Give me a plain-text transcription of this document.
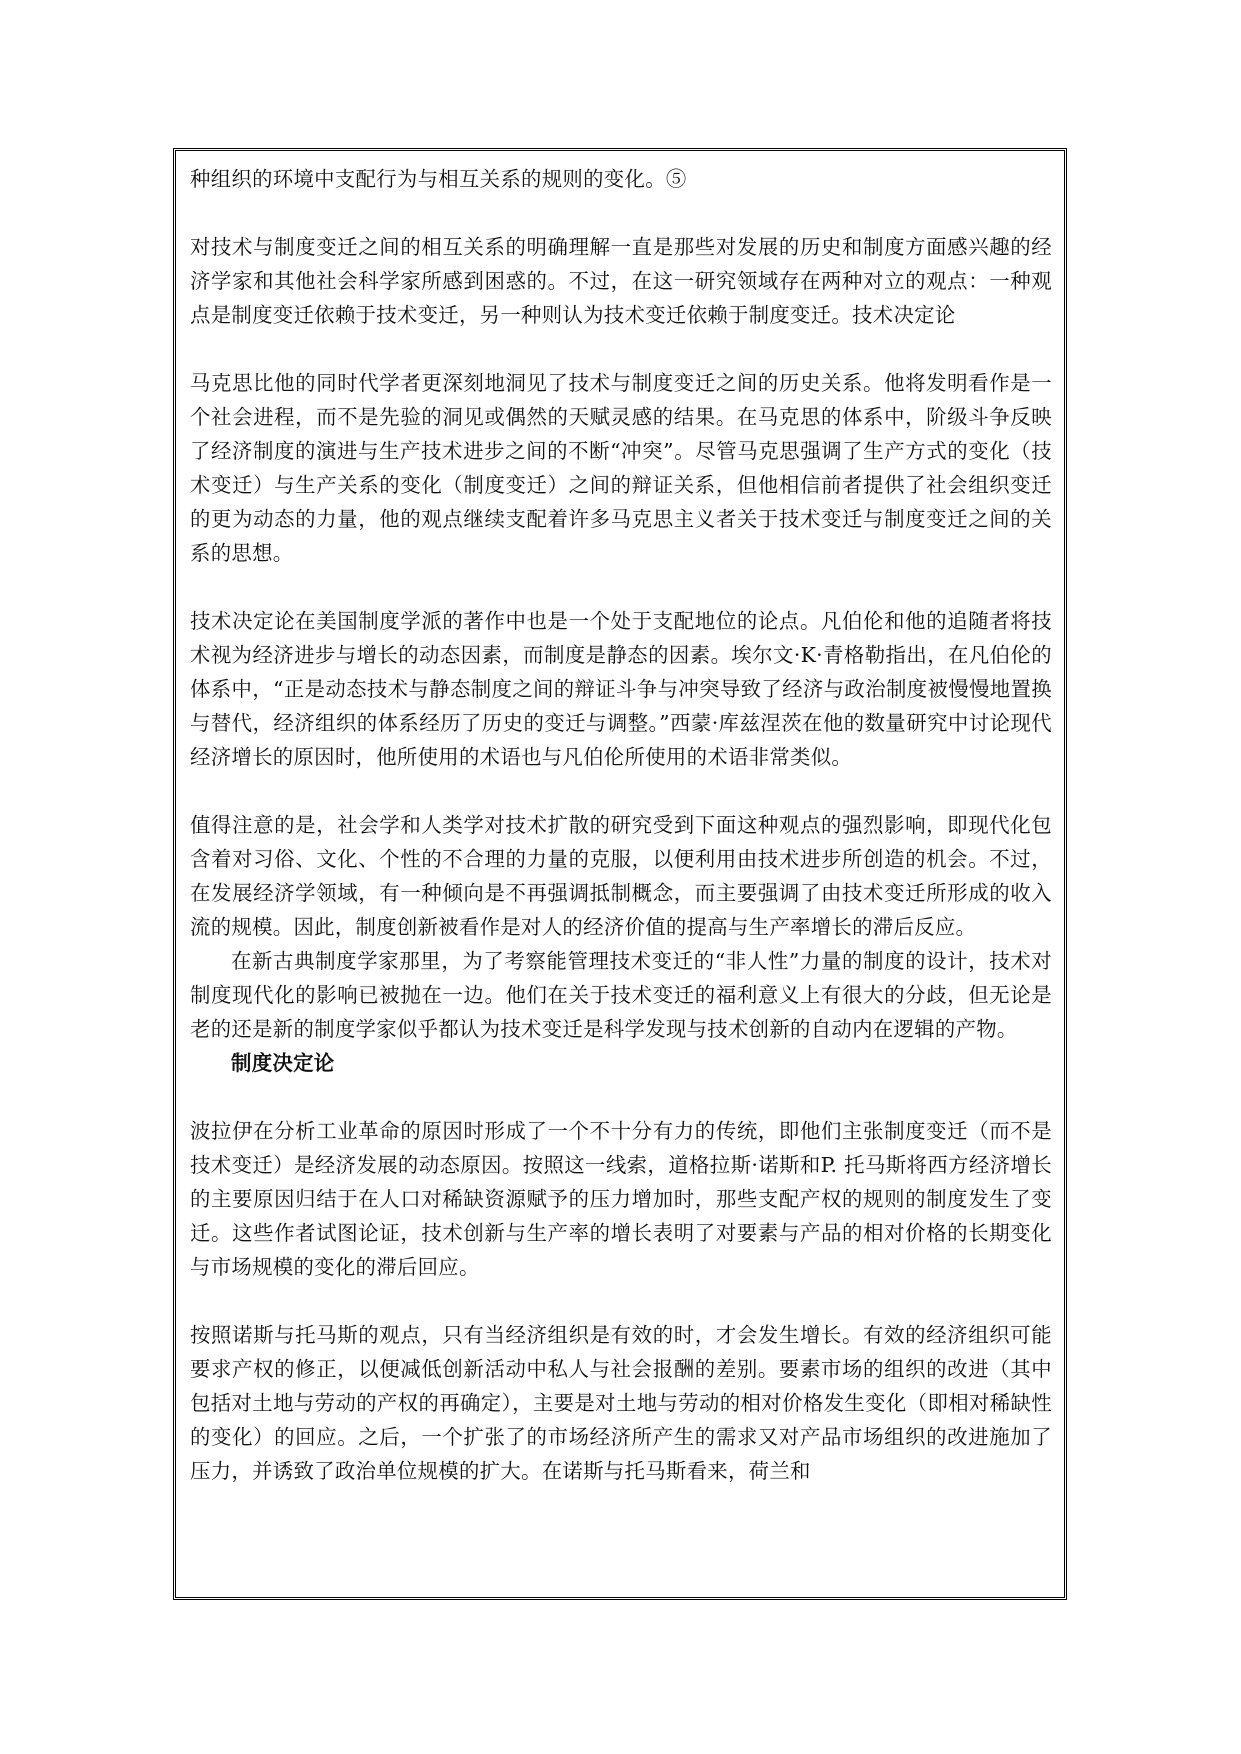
种组织的环境中支配行为与相互关系的规则的变化。⑤

对技术与制度变迁之间的相互关系的明确理解一直是那些对发展的历史和制度方面感兴趣的经济学家和其他社会科学家所感到困惑的。不过，在这一研究领域存在两种对立的观点：一种观点是制度变迁依赖于技术变迁，另一种则认为技术变迁依赖于制度变迁。技术决定论

马克思比他的同时代学者更深刻地洞见了技术与制度变迁之间的历史关系。他将发明看作是一个社会进程，而不是先验的洞见或偶然的天赋灵感的结果。在马克思的体系中，阶级斗争反映了经济制度的演进与生产技术进步之间的不断“冲突”。尽管马克思强调了生产方式的变化（技术变迁）与生产关系的变化（制度变迁）之间的辩证关系，但他相信前者提供了社会组织变迁的更为动态的力量，他的观点继续支配着许多马克思主义者关于技术变迁与制度变迁之间的关系的思想。

技术决定论在美国制度学派的著作中也是一个处于支配地位的论点。凡伯伦和他的追随者将技术视为经济进步与增长的动态因素，而制度是静态的因素。埃尔文·K·青格勒指出，在凡伯伦的体系中，“正是动态技术与静态制度之间的辩证斗争与冲突导致了经济与政治制度被慢慢地置换与替代，经济组织的体系经历了历史的变迁与调整。”西蒙·库兹涅茨在他的数量研究中讨论现代经济增长的原因时，他所使用的术语也与凡伯伦所使用的术语非常类似。

值得注意的是，社会学和人类学对技术扩散的研究受到下面这种观点的强烈影响，即现代化包含着对习俗、文化、个性的不合理的力量的克服，以便利用由技术进步所创造的机会。不过，在发展经济学领域，有一种倾向是不再强调抵制概念，而主要强调了由技术变迁所形成的收入流的规模。因此，制度创新被看作是对人的经济价值的提高与生产率增长的滞后反应。

在新古典制度学家那里，为了考察能管理技术变迁的“非人性”力量的制度的设计，技术对制度现代化的影响已被抛在一边。他们在关于技术变迁的福利意义上有很大的分歧，但无论是老的还是新的制度学家似乎都认为技术变迁是科学发现与技术创新的自动内在逻辑的产物。

制度决定论

波拉伊在分析工业革命的原因时形成了一个不十分有力的传统，即他们主张制度变迁（而不是技术变迁）是经济发展的动态原因。按照这一线索，道格拉斯·诺斯和P. 托马斯将西方经济增长的主要原因归结于在人口对稀缺资源赋予的压力增加时，那些支配产权的规则的制度发生了变迁。这些作者试图论证，技术创新与生产率的增长表明了对要素与产品的相对价格的长期变化与市场规模的变化的滞后回应。

按照诺斯与托马斯的观点，只有当经济组织是有效的时，才会发生增长。有效的经济组织可能要求产权的修正，以便减低创新活动中私人与社会报酬的差别。要素市场的组织的改进（其中包括对土地与劳动的产权的再确定），主要是对土地与劳动的相对价格发生变化（即相对稀缺性的变化）的回应。之后，一个扩张了的市场经济所产生的需求又对产品市场组织的改进施加了压力，并诱致了政治单位规模的扩大。在诺斯与托马斯看来，荷兰和
